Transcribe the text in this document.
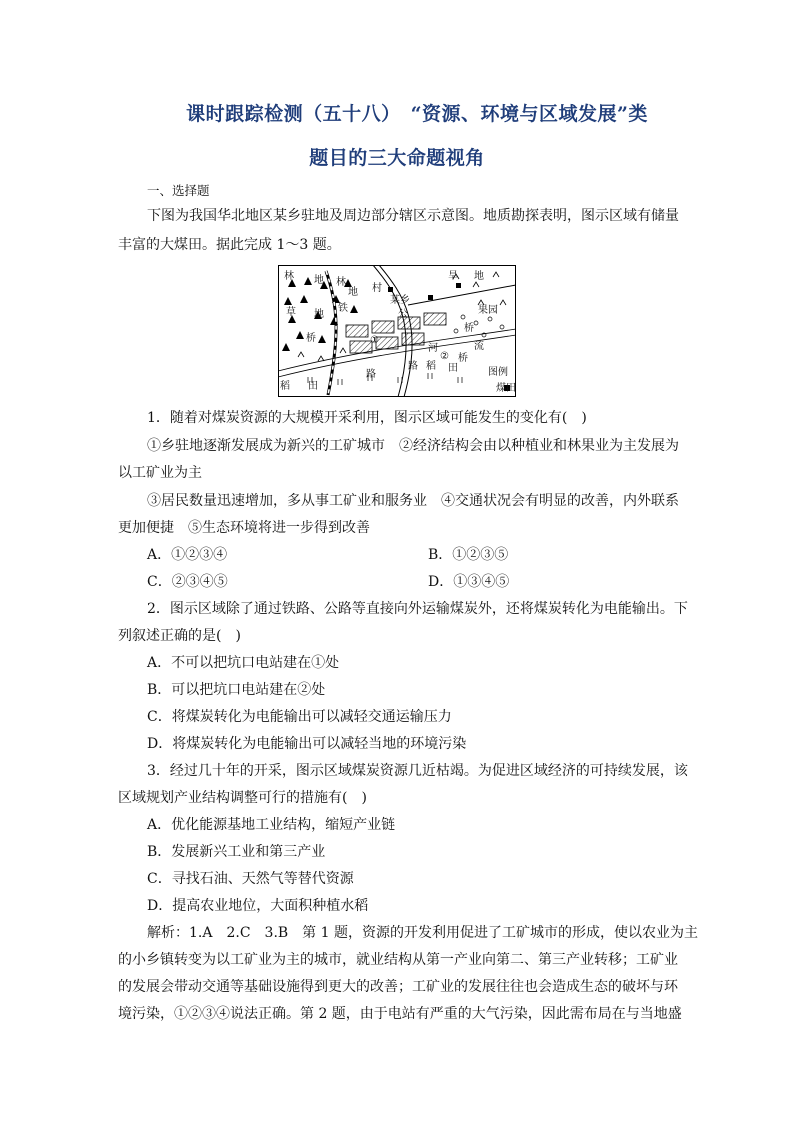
课时跟踪检测（五十八）　“资源、环境与区域发展”类
题目的三大命题视角
一、选择题
下图为我国华北地区某乡驻地及周边部分辖区示意图。地质勘探表明，图示区域有储量
丰富的大煤田。据此完成 1～3 题。
林 地
草 地
林
地
桥
铁
村
某乡
旱 地
果园
桥
河	流
路
稻 田
稻 田
公
路
①
② 桥
图例
煤田
1．随着对煤炭资源的大规模开采利用，图示区域可能发生的变化有(　)
①乡驻地逐渐发展成为新兴的工矿城市　②经济结构会由以种植业和林果业为主发展为
以工矿业为主
③居民数量迅速增加，多从事工矿业和服务业　④交通状况会有明显的改善，内外联系
更加便捷　⑤生态环境将进一步得到改善
A．①②③④	B．①②③⑤
C．②③④⑤	D．①③④⑤
2．图示区域除了通过铁路、公路等直接向外运输煤炭外，还将煤炭转化为电能输出。下
列叙述正确的是(　)
A．不可以把坑口电站建在①处
B．可以把坑口电站建在②处
C．将煤炭转化为电能输出可以减轻交通运输压力
D．将煤炭转化为电能输出可以减轻当地的环境污染
3．经过几十年的开采，图示区域煤炭资源几近枯竭。为促进区域经济的可持续发展，该
区域规划产业结构调整可行的措施有(　)
A．优化能源基地工业结构，缩短产业链
B．发展新兴工业和第三产业
C．寻找石油、天然气等替代资源
D．提高农业地位，大面积种植水稻
解析：1.A　2.C　3.B　第 1 题，资源的开发利用促进了工矿城市的形成，使以农业为主
的小乡镇转变为以工矿业为主的城市，就业结构从第一产业向第二、第三产业转移；工矿业
的发展会带动交通等基础设施得到更大的改善；工矿业的发展往往也会造成生态的破坏与环
境污染，①②③④说法正确。第 2 题，由于电站有严重的大气污染，因此需布局在与当地盛
